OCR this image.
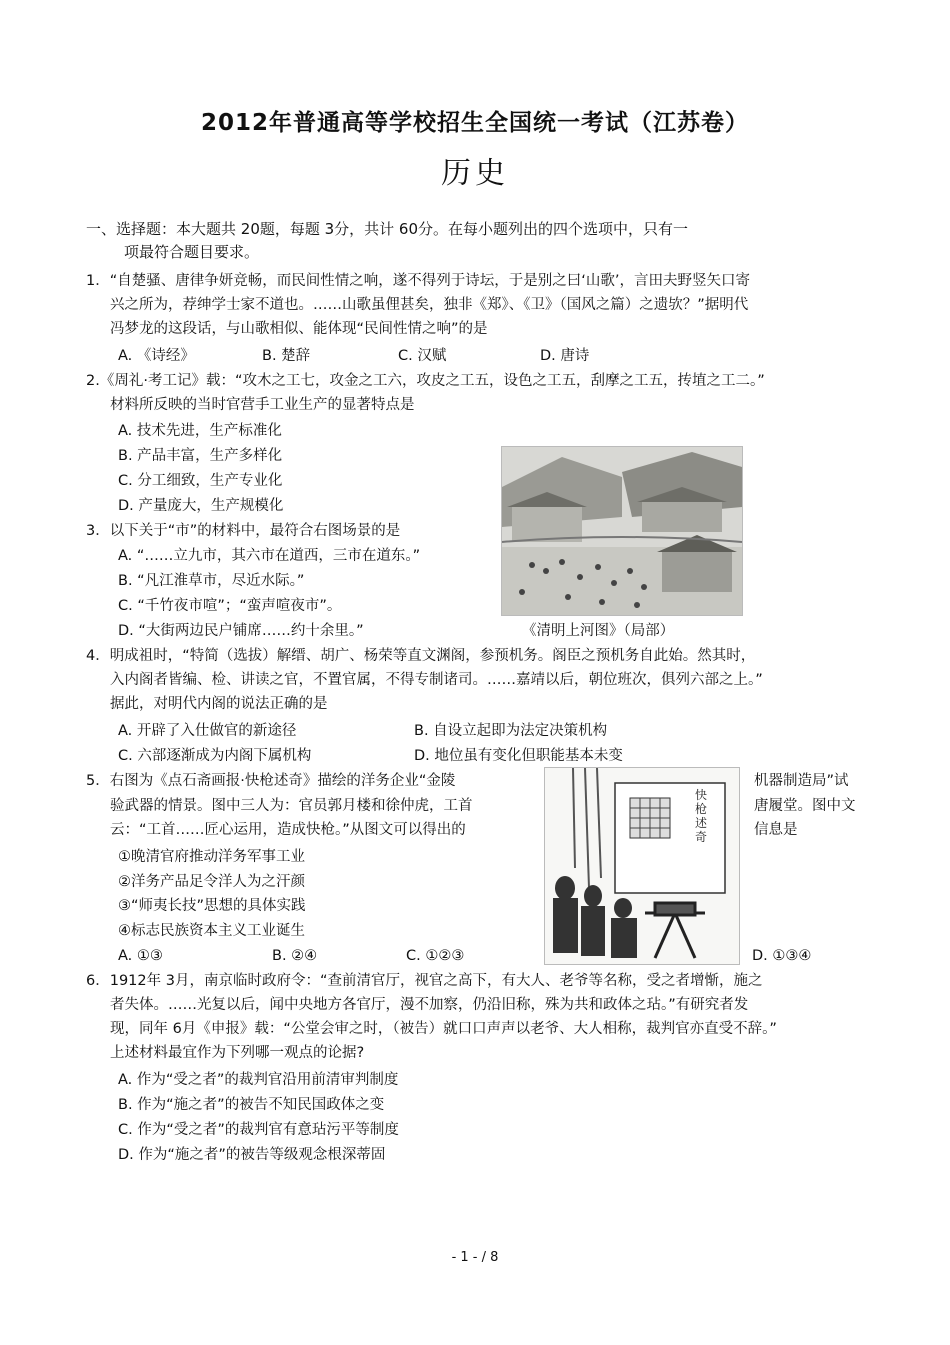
2012年普通高等学校招生全国统一考试（江苏卷）
历史
一、选择题：本大题共 20题，每题 3分，共计 60分。在每小题列出的四个选项中，只有一
项最符合题目要求。
1．“自楚骚、唐律争妍竞畅，而民间性情之响，遂不得列于诗坛，于是别之曰‘山歌’，言田夫野竖矢口寄
兴之所为，荐绅学士家不道也。……山歌虽俚甚矣，独非《郑》、《卫》（国风之篇）之遗欤？”据明代
冯梦龙的这段话，与山歌相似、能体现“民间性情之响”的是
A. 《诗经》	B. 楚辞	C. 汉赋	D. 唐诗
2.《周礼·考工记》载：“攻木之工七，攻金之工六，攻皮之工五，设色之工五，刮摩之工五，抟埴之工二。”
材料所反映的当时官营手工业生产的显著特点是
A. 技术先进，生产标准化
B. 产品丰富，生产多样化
C. 分工细致，生产专业化
D. 产量庞大，生产规模化
3．以下关于“市”的材料中，最符合右图场景的是
A. “……立九市，其六市在道西，三市在道东。”
B. “凡江淮草市，尽近水际。”
C. “千竹夜市喧”；“蛮声喧夜市”。
D. “大街两边民户铺席……约十余里。”	《清明上河图》（局部）
4．明成祖时，“特简（选拔）解缙、胡广、杨荣等直文渊阁，参预机务。阁臣之预机务自此始。然其时，
入内阁者皆编、检、讲读之官，不置官属，不得专制诸司。……嘉靖以后，朝位班次，俱列六部之上。”
据此，对明代内阁的说法正确的是
A. 开辟了入仕做官的新途径	B. 自设立起即为法定决策机构
C. 六部逐渐成为内阁下属机构	D. 地位虽有变化但职能基本未变
快枪述奇
5．右图为《点石斋画报·快枪述奇》描绘的洋务企业“金陵	机器制造局”试
验武器的情景。图中三人为：官员郭月楼和徐仲虎，工首	唐履堂。图中文
云：“工首……匠心运用，造成快枪。”从图文可以得出的	信息是
①晚清官府推动洋务军事工业
②洋务产品足令洋人为之汗颜
③“师夷长技”思想的具体实践
④标志民族资本主义工业诞生
A. ①③	B. ②④	C. ①②③	D. ①③④
6．1912年 3月，南京临时政府令：“查前清官厅，视官之高下，有大人、老爷等名称，受之者增惭，施之
者失体。……光复以后，闻中央地方各官厅，漫不加察，仍沿旧称，殊为共和政体之玷。”有研究者发
现，同年 6月《申报》载：“公堂会审之时，（被告）就口口声声以老爷、大人相称，裁判官亦直受不辞。”
上述材料最宜作为下列哪一观点的论据?
A. 作为“受之者”的裁判官沿用前清审判制度
B. 作为“施之者”的被告不知民国政体之变
C. 作为“受之者”的裁判官有意玷污平等制度
D. 作为“施之者”的被告等级观念根深蒂固
- 1 - / 8
